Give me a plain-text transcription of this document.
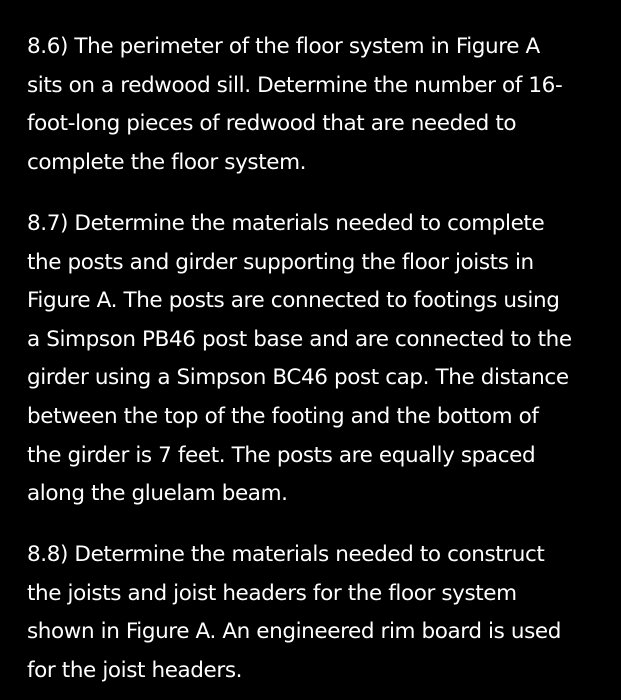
8.6) The perimeter of the floor system in Figure A
sits on a redwood sill. Determine the number of 16-
foot-long pieces of redwood that are needed to
complete the floor system.
8.7) Determine the materials needed to complete
the posts and girder supporting the floor joists in
Figure A. The posts are connected to footings using
a Simpson PB46 post base and are connected to the
girder using a Simpson BC46 post cap. The distance
between the top of the footing and the bottom of
the girder is 7 feet. The posts are equally spaced
along the gluelam beam.
8.8) Determine the materials needed to construct
the joists and joist headers for the floor system
shown in Figure A. An engineered rim board is used
for the joist headers.
